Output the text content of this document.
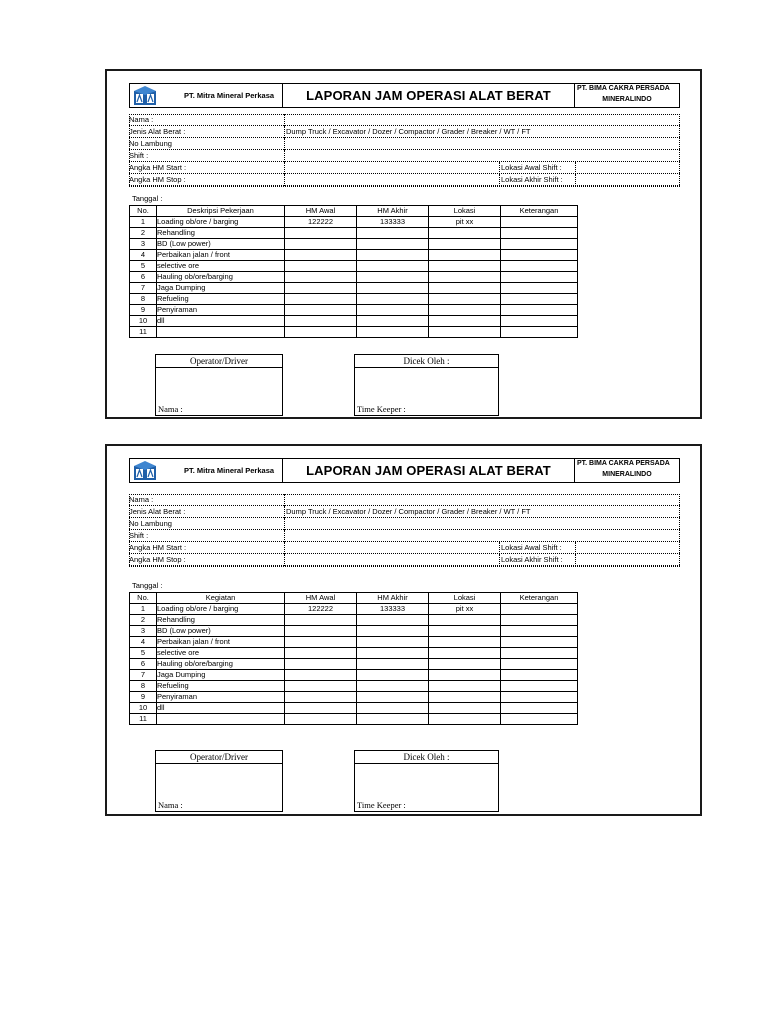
PT. Mitra Mineral Perkasa	LAPORAN JAM OPERASI ALAT BERAT	PT. BIMA CAKRA PERSADA
MINERALINDO
Nama :
Jenis Alat Berat :	Dump Truck / Excavator / Dozer / Compactor / Grader / Breaker / WT / FT
No Lambung
Shift :
Angka HM Start :	Lokasi Awal Shift :
Angka HM Stop :	Lokasi Akhir Shift :
Tanggal :
No.	Deskripsi Pekerjaan	HM Awal	HM Akhir	Lokasi	Keterangan
1	Loading ob/ore / barging	122222	133333	pit xx	
2	Rehandling				
3	BD (Low power)				
4	Perbaikan jalan / front				
5	selective ore				
6	Hauling ob/ore/barging				
7	Jaga Dumping				
8	Refueling				
9	Penyiraman				
10	dll				
11					
Operator/Driver
Nama :
Dicek Oleh :
Time Keeper :
PT. Mitra Mineral Perkasa	LAPORAN JAM OPERASI ALAT BERAT	PT. BIMA CAKRA PERSADA
MINERALINDO
Nama :
Jenis Alat Berat :	Dump Truck / Excavator / Dozer / Compactor / Grader / Breaker / WT / FT
No Lambung
Shift :
Angka HM Start :	Lokasi Awal Shift :
Angka HM Stop :	Lokasi Akhir Shift :
Tanggal :
No.	Kegiatan	HM Awal	HM Akhir	Lokasi	Keterangan
1	Loading ob/ore / barging	122222	133333	pit xx	
2	Rehandling				
3	BD (Low power)				
4	Perbaikan jalan / front				
5	selective ore				
6	Hauling ob/ore/barging				
7	Jaga Dumping				
8	Refueling				
9	Penyiraman				
10	dll				
11					
Operator/Driver
Nama :
Dicek Oleh :
Time Keeper :
